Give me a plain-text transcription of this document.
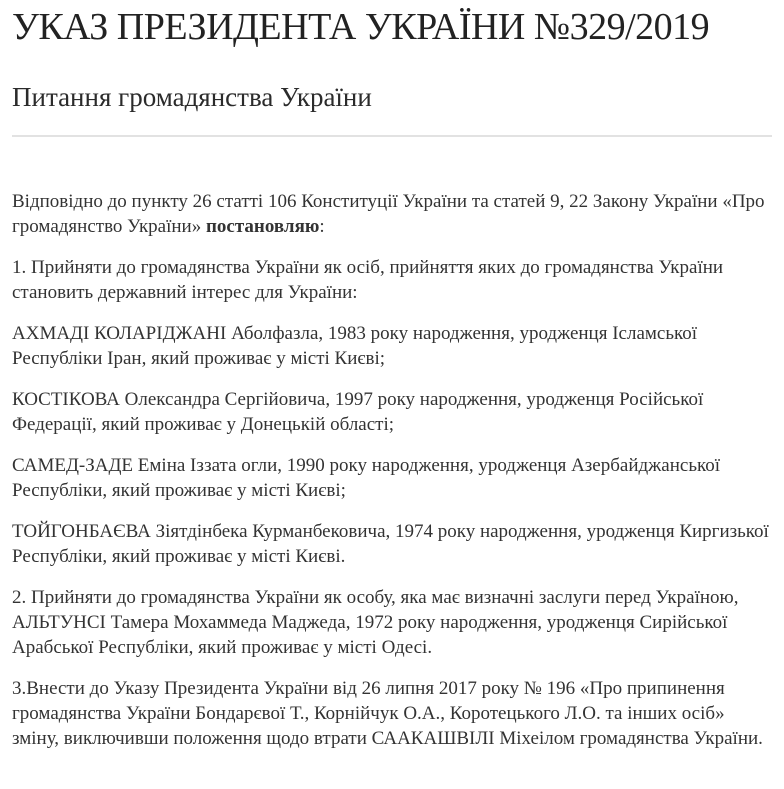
УКАЗ ПРЕЗИДЕНТА УКРАЇНИ №329/2019
Питання громадянства України

Відповідно до пункту 26 статті 106 Конституції України та статей 9, 22 Закону України «Про громадянство України» постановляю:

1. Прийняти до громадянства України як осіб, прийняття яких до громадянства України становить державний інтерес для України:

АХМАДІ КОЛАРІДЖАНІ Аболфазла, 1983 року народження, уродженця Ісламської Республіки Іран, який проживає у місті Києві;

КОСТІКОВА Олександра Сергійовича, 1997 року народження, уродженця Російської Федерації, який проживає у Донецькій області;

САМЕД-ЗАДЕ Еміна Іззата огли, 1990 року народження, уродженця Азербайджанської Республіки, який проживає у місті Києві;

ТОЙГОНБАЄВА Зіятдінбека Курманбековича, 1974 року народження, уродженця Киргизької Республіки, який проживає у місті Києві.

2. Прийняти до громадянства України як особу, яка має визначні заслуги перед Україною, АЛЬТУНСІ Тамера Мохаммеда Маджеда, 1972 року народження, уродженця Сирійської Арабської Республіки, який проживає у місті Одесі.

3.Внести до Указу Президента України від 26 липня 2017 року № 196 «Про припинення громадянства України Бондарєвої Т., Корнійчук О.А., Коротецького Л.О. та інших осіб» зміну, виключивши положення щодо втрати СААКАШВІЛІ Міхеілом громадянства України.
